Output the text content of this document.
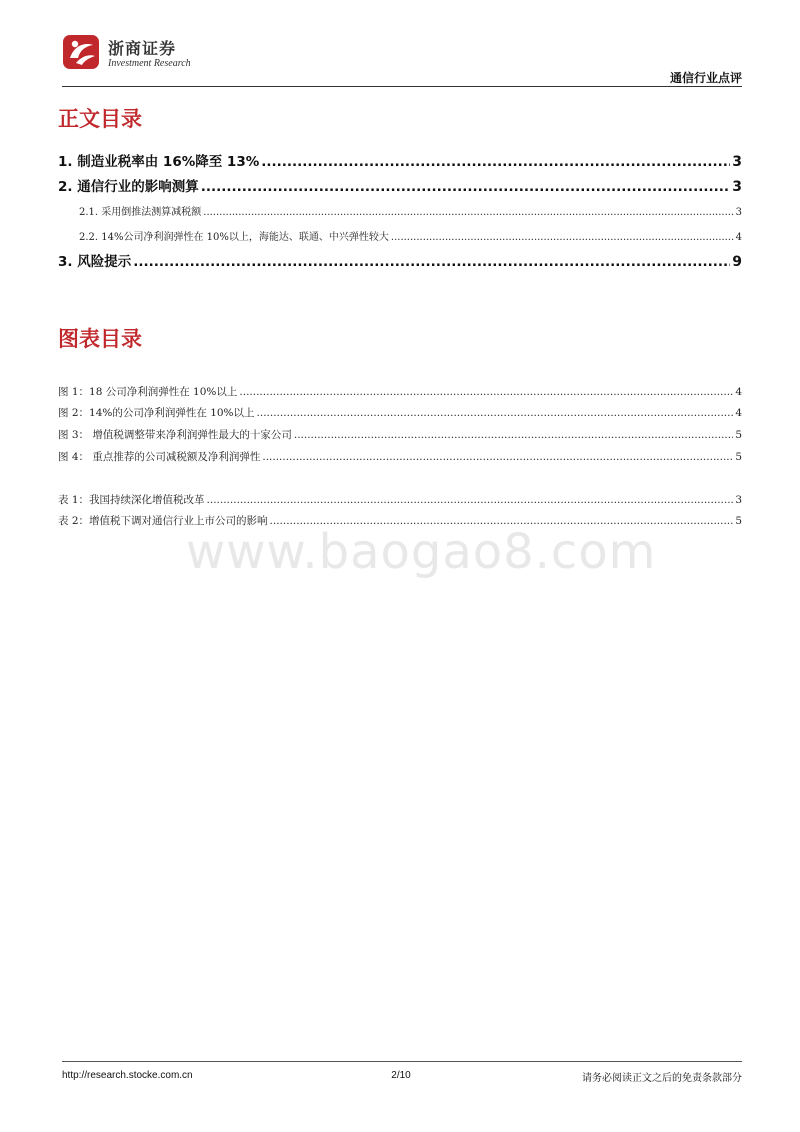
浙商证券
Investment Research
通信行业点评
正文目录
1. 制造业税率由 16%降至 13% .....	3
2. 通信行业的影响测算 .....	3
2.1. 采用倒推法测算减税额 .....	3
2.2. 14%公司净利润弹性在 10%以上，海能达、联通、中兴弹性较大 .....	4
3. 风险提示 .....	9
图表目录
图 1：18 公司净利润弹性在 10%以上 .....	4
图 2：14%的公司净利润弹性在 10%以上 .....	4
图 3： 增值税调整带来净利润弹性最大的十家公司 .....	5
图 4： 重点推荐的公司减税额及净利润弹性 .....	5
表 1：我国持续深化增值税改革 .....	3
表 2：增值税下调对通信行业上市公司的影响 .....	5
www.baogao8.com
http://research.stocke.com.cn	2/10	请务必阅读正文之后的免责条款部分
